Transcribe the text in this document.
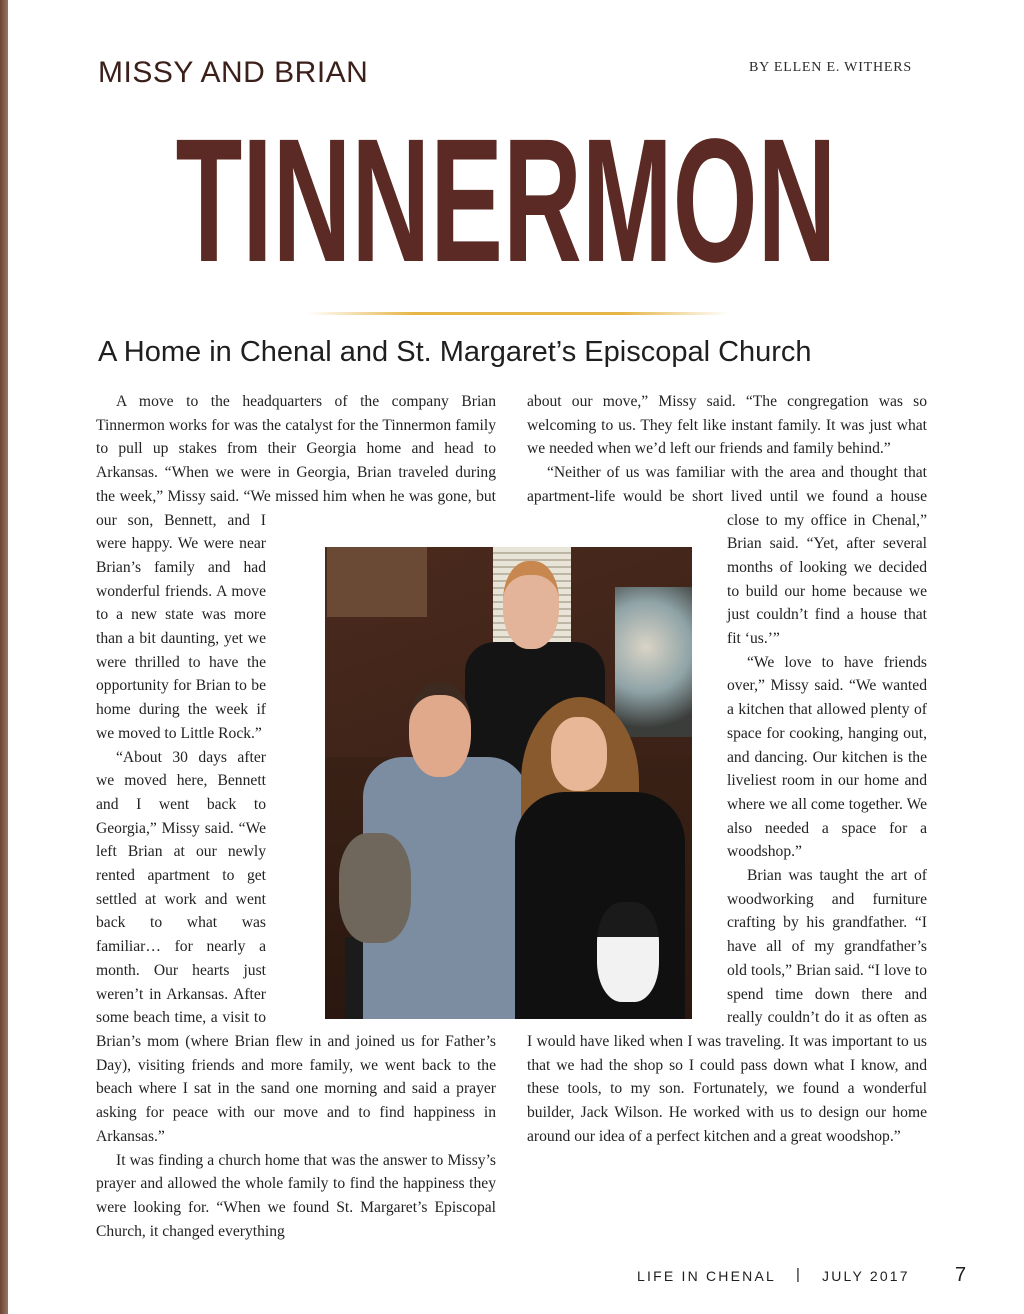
MISSY AND BRIAN	BY ELLEN E. WITHERS
TINNERMON
A Home in Chenal and St. Margaret’s Episcopal Church

A move to the headquarters of the company Brian Tinnermon works for was the catalyst for the Tinnermon family to pull up stakes from their Georgia home and head to Arkansas. “When we were in Georgia, Brian traveled during the week,” Missy said. “We missed him when he was gone, but our son, Bennett, and I were happy. We were near Brian’s family and had wonderful friends. A move to a new state was more than a bit daunting, yet we were thrilled to have the opportunity for Brian to be home during the week if we moved to Little Rock.”

“About 30 days after we moved here, Bennett and I went back to Georgia,” Missy said. “We left Brian at our newly rented apartment to get settled at work and went back to what was familiar… for nearly a month. Our hearts just weren’t in Arkansas. After some beach time, a visit to Brian’s mom (where Brian flew in and joined us for Father’s Day), visiting friends and more family, we went back to the beach where I sat in the sand one morning and said a prayer asking for peace with our move and to find happiness in Arkansas.”

It was finding a church home that was the answer to Missy’s prayer and allowed the whole family to find the happiness they were looking for. “When we found St. Margaret’s Episcopal Church, it changed everything

about our move,” Missy said. “The congregation was so welcoming to us. They felt like instant family. It was just what we needed when we’d left our friends and family behind.”

“Neither of us was familiar with the area and thought that apartment-life would be short lived until we found a house close to my office in Chenal,” Brian said. “Yet, after several months of looking we decided to build our home because we just couldn’t find a house that fit ‘us.’”

“We love to have friends over,” Missy said. “We wanted a kitchen that allowed plenty of space for cooking, hanging out, and dancing. Our kitchen is the liveliest room in our home and where we all come together. We also needed a space for a woodshop.”

Brian was taught the art of woodworking and furniture crafting by his grandfather. “I have all of my grandfather’s old tools,” Brian said. “I love to spend time down there and really couldn’t do it as often as I would have liked when I was traveling. It was important to us that we had the shop so I could pass down what I know, and these tools, to my son. Fortunately, we found a wonderful builder, Jack Wilson. He worked with us to design our home around our idea of a perfect kitchen and a great woodshop.”

LIFE IN CHENAL | JULY 2017 7
